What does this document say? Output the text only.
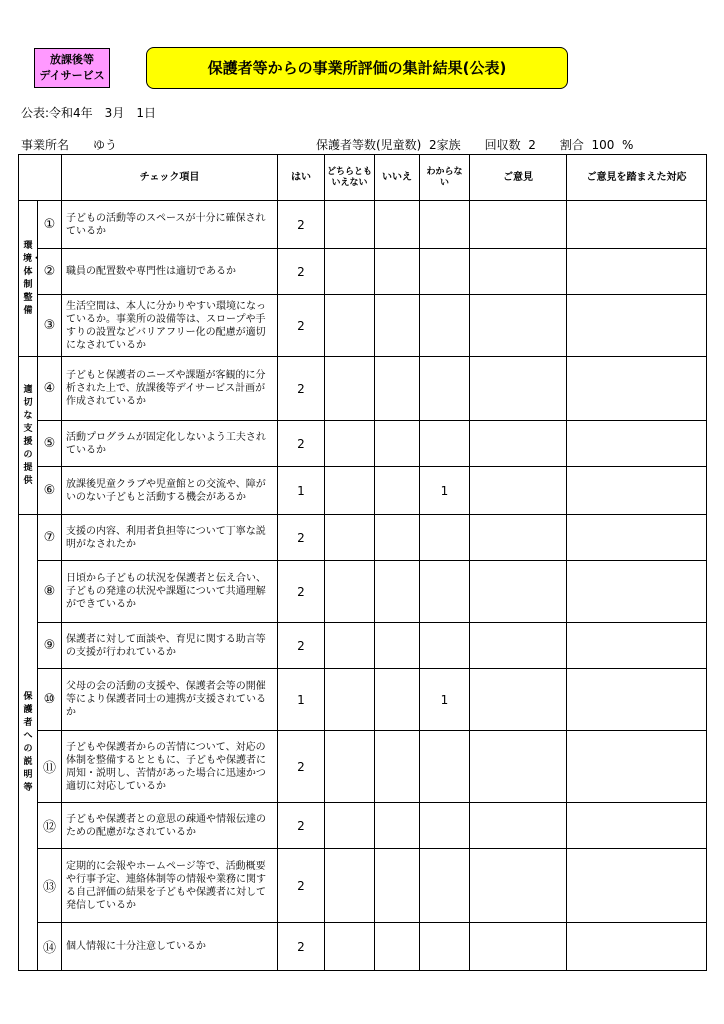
放課後等
デイサービス	保護者等からの事業所評価の集計結果(公表)
公表:令和4年　3月　1日
事業所名　　ゆう	保護者等数(児童数)  2家族　　回収数  2　　割合  100  %
		チェック項目	はい	どちらとも
いえない	いいえ	わからな
い	ご意見	ご意見を踏まえた対応
環境・体制整備	①	子どもの活動等のスペースが十分に確保されているか	2					
	②	職員の配置数や専門性は適切であるか	2					
	③	生活空間は、本人に分かりやすい環境になっているか。事業所の設備等は、スロープや手すりの設置などバリアフリー化の配慮が適切になされているか	2					
適切な支援の提供	④	子どもと保護者のニーズや課題が客観的に分析された上で、放課後等デイサービス計画が作成されているか	2					
	⑤	活動プログラムが固定化しないよう工夫されているか	2					
	⑥	放課後児童クラブや児童館との交流や、障がいのない子どもと活動する機会があるか	1			1		
保護者への説明等	⑦	支援の内容、利用者負担等について丁寧な説明がなされたか	2					
	⑧	日頃から子どもの状況を保護者と伝え合い、子どもの発達の状況や課題について共通理解ができているか	2					
	⑨	保護者に対して面談や、育児に関する助言等の支援が行われているか	2					
	⑩	父母の会の活動の支援や、保護者会等の開催等により保護者同士の連携が支援されているか	1			1		
	⑪	子どもや保護者からの苦情について、対応の体制を整備するとともに、子どもや保護者に周知・説明し、苦情があった場合に迅速かつ適切に対応しているか	2					
	⑫	子どもや保護者との意思の疎通や情報伝達のための配慮がなされているか	2					
	⑬	定期的に会報やホームページ等で、活動概要や行事予定、連絡体制等の情報や業務に関する自己評価の結果を子どもや保護者に対して発信しているか	2					
	⑭	個人情報に十分注意しているか	2					
